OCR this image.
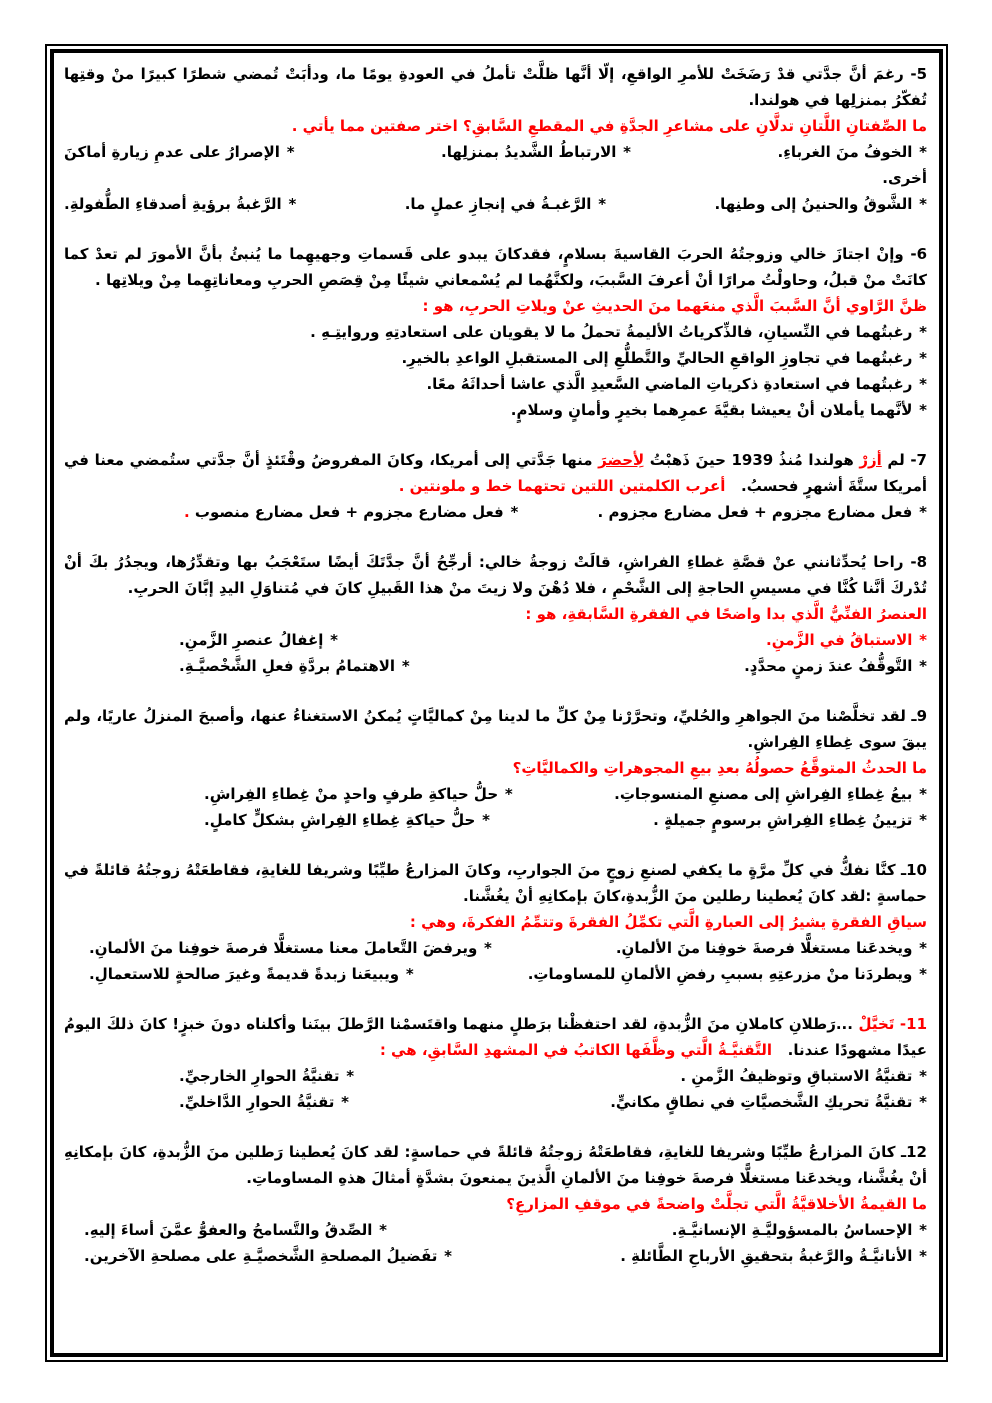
5- رغمَ أنَّ جدَّتي قدْ رَضَخَتْ للأمرِ الواقعِ، إلّا أنَّها ظلَّتْ تأملُ في العودةِ يومًا ما، ودأبَتْ تُمضي شطرًا كبيرًا منْ وقتِها تُفكّرُ بمنزلِها في هولندا.

ما الصِّفتانِ اللَّتانِ تدلَّانِ على مشاعرِ الجدَّةِ في المقطعِ السَّابقِ؟ اختر صفتين مما يأتي .

*الخوفُ منَ الغرباءِ.
*الارتباطُ الشَّديدُ بمنزلِها.
*الإصرارُ على عدمِ زيارةِ أماكنَ

أخرى.

*الشَّوقُ والحنينُ إلى وطنِها.
*الرَّغبـةُ في إنجازِ عملٍ ما.
*الرَّغبةُ برؤيةِ أصدقاءِ الطُّفولةِ.

6- وإنْ اجتازَ خالي وزوجتُهُ الحربَ القاسيةَ بسلامٍ، فقدكانَ يبدو على قَسماتِ وجهيهِما ما يُنبئُ بأنَّ الأمورَ لم تعدْ كما كانَتْ منْ قبلُ، وحاولْتُ مرارًا أنْ أعرفَ السَّببَ، ولكنَّهُما لم يُسْمعاني شيئًا مِنْ قِصَصِ الحربِ ومعاناتِهِما مِنْ ويلاتِها .

ظنَّ الرَّاوي أنَّ السَّببَ الَّذي منعَهما منَ الحديثِ عنْ ويلاتِ الحربِ، هو :

*رغبتُهما في النِّسيانِ، فالذِّكرياتُ الأليمةُ تحملُ ما لا يقويان على استعادتِهِ وروايتِـهِ .
*رغبتُهما في تجاوزِ الواقعِ الحاليِّ والتَّطلُّعِ إلى المستقبلِ الواعدِ بالخيرِ.
*رغبتُهما في استعادةِ ذكرياتِ الماضي السَّعيدِ الَّذي عاشا أحداثَهُ معًا.
*لأنَّهما يأملان أنْ يعيشا بقيَّةَ عمرِهما بخيرٍ وأمانٍ وسلامٍ.

7- لم أزرْ هولندا مُنذُ 1939 حينَ ذَهبْتُ لِأحضرَ منها جَدَّتي إلى أمريكا، وكانَ المفروضُ وقْتَئذٍ أنَّ جدَّتي ستُمضي معنا في أمريكا ستَّةَ أشهرٍ فحسبُ.   أعرب الكلمتين اللتين تحتهما خط و ملونتين .

*فعل مضارع مجزوم + فعل مضارع مجزوم .
*فعل مضارع مجزوم + فعل مضارع منصوب .

8- راحا يُحدِّثانني عنْ قصَّةِ غطاءِ الفراشِ، قالَتْ زوجةُ خالي: أرجِّحُ أنَّ جدَّتَكَ أيضًا ستَعْجَبُ بها وتقدِّرُها، ويجدُرُ بكَ أنْ تُدْركَ أنَّنا كُنَّا في مسيسِ الحاجةِ إلى الشَّحْمِ ، فلا دُهْنَ ولا زيتَ منْ هذا القَبيلِ كانَ في مُتناوَلِ اليدِ إبَّانَ الحربِ.

العنصرُ الفنِّيُّ الَّذي بدا واضحًا في الفقرةِ السَّابقةِ، هو :

*الاستباقُ في الزَّمنِ.
*إغفالُ عنصرِ الزَّمنِ.
*التَّوقُّفُ عندَ زمنٍ محدَّدٍ.
*الاهتمامُ بردَّةِ فعلِ الشَّخْصيَّـةِ.

9ـ لقد تخلَّصْنا منَ الجواهرِ والحُليِّ، وتحرَّرْنا مِنْ كلِّ ما لدينا مِنْ كماليَّاتٍ يُمكنُ الاستغناءُ عنها، وأصبحَ المنزلُ عاريًا، ولم يبقَ سوى غِطاءِ الفِراشِ.

ما الحدثُ المتوقَّعُ حصولُهُ بعدِ بيعِ المجوهراتِ والكماليَّاتِ؟

*بيعُ غِطاءِ الفِراشِ إلى مصنعِ المنسوجاتِ.
*حلُّ حياكةِ طرفٍ واحدٍ منْ غِطاءِ الفِراشِ.
*تزيينُ غِطاءِ الفِراشِ برسومٍ جميلةٍ .
*حلُّ حياكةِ غِطاءِ الفِراشِ بشكلٍّ كاملٍ.

10ـ كنَّا نفكُّ في كلِّ مرَّةٍ ما يكفي لصنعِ زوجٍ منَ الجواربِ، وكانَ المزارعُ طيِّبًا وشريفا للغايةِ، فقاطعَتْهُ زوجتُهُ قائلةً في حماسةٍ :لقد كانَ يُعطينا رطلين منَ الزُّبدةِ،كانَ بإمكانِهِ أنْ يغُشَّنا.

سياقِ الفقرةِ يشيرُ إلى العبارةِ الَّتي تكمِّلُ الفقرةَ وتتمِّمُ الفكرةَ، وهي :

*ويخدعَنا مستغلًّا فرصةَ خوفِنا منَ الألمانِ.
*ويرفضَ التَّعاملَ معنا مستغلًّا فرصةَ خوفِنا منَ الألمانِ.
*ويطردَنا منْ مزرعتِهِ بسببِ رفضِ الألمانِ للمساوماتِ.
*ويبيعَنا زبدةً قديمةً وغيرَ صالحةٍ للاستعمالِ.

11- تَخيَّلْ ...رَطلانِ كاملانِ منَ الزُّبدةِ، لقد احتفظْنا برَطلٍ منهما واقتَسمْنا الرَّطلَ بينَنا وأكلناه دونَ خبزٍ! كانَ ذلكَ اليومُ عيدًا مشهودًا عندنا.   التَّقنيَّـةُ الَّتي وظَّفَها الكاتبُ في المشهدِ السَّابقِ، هي :

*تقنيَّةُ الاستباقِ وتوظيفُ الزَّمنِ .
*تقنيَّةُ الحوارِ الخارجيِّ.
*تقنيَّةُ تحريكِ الشَّخصيَّاتِ في نطاقٍ مكانيٍّ.
*تقنيَّةُ الحوارِ الدَّاخليِّ.

12ـ كانَ المزارعُ طيِّبًا وشريفا للغايةِ، فقاطعَتْهُ زوجتُهُ قائلةً في حماسةٍ: لقد كانَ يُعطينا رَطلين منَ الزُّبدةِ، كانَ بإمكانِهِ أنْ يغُشَّنا، ويخدعَنا مستغلًّا فرصةَ خوفِنا منَ الألمانِ الَّذينَ يمنعونَ بشدَّةٍ أمثالَ هذهِ المساوماتِ.

ما القيمةُ الأخلاقيَّةُ الَّتي تجلَّتْ واضحةً في موقفِ المزارعِ؟

*الإحساسُ بالمسؤوليَّـةِ الإنسانيَّـةِ.
*الصِّدقُ والتَّسامحُ والعفوُّ عمَّنَ أساءَ إليهِ.
*الأنانيَّـةُ والرَّغبةُ بتحقيقِ الأرباحِ الطَّائلةِ .
*تفَضيلُ المصلحةِ الشَّخصيَّـةِ على مصلحةِ الآخرين.
